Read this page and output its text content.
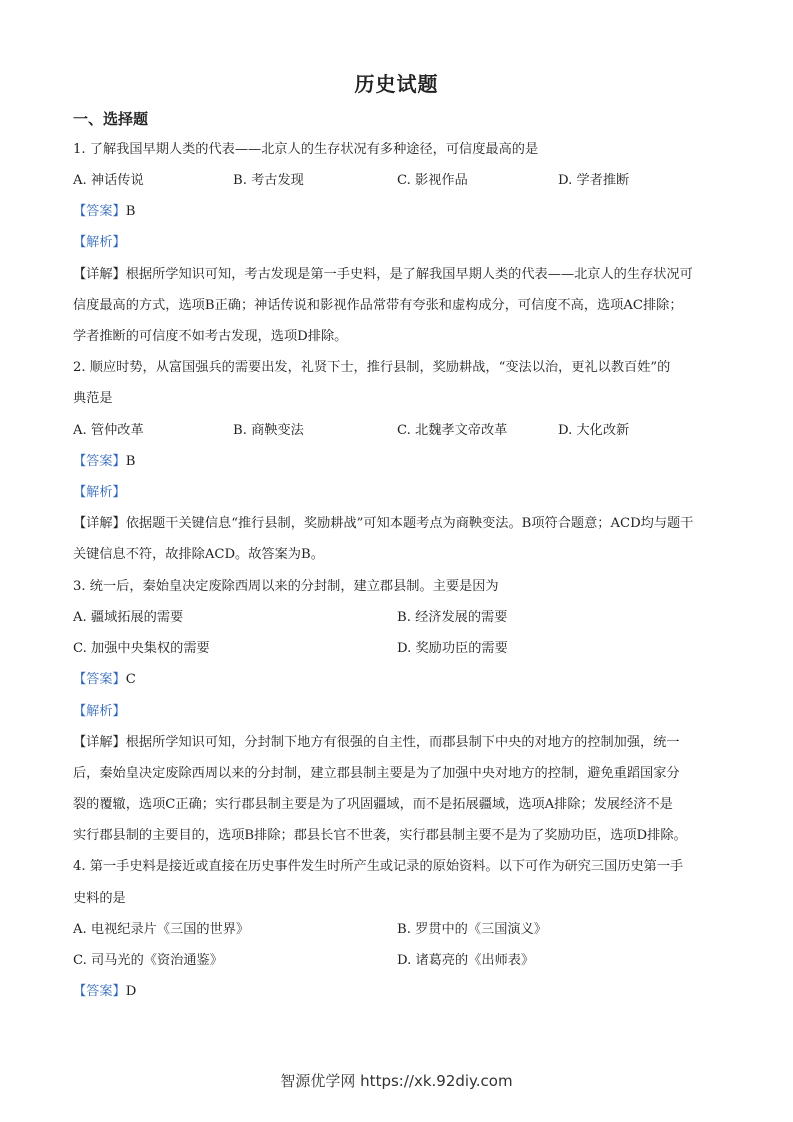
历史试题
一、选择题
1. 了解我国早期人类的代表——北京人的生存状况有多种途径，可信度最高的是
A. 神话传说	B. 考古发现	C. 影视作品	D. 学者推断
【答案】B
【解析】
【详解】根据所学知识可知，考古发现是第一手史料，是了解我国早期人类的代表——北京人的生存状况可
信度最高的方式，选项B正确；神话传说和影视作品常带有夸张和虚构成分，可信度不高，选项AC排除；
学者推断的可信度不如考古发现，选项D排除。
2. 顺应时势，从富国强兵的需要出发，礼贤下士，推行县制，奖励耕战，“变法以治，更礼以教百姓”的
典范是
A. 管仲改革	B. 商鞅变法	C. 北魏孝文帝改革	D. 大化改新
【答案】B
【解析】
【详解】依据题干关键信息“推行县制，奖励耕战”可知本题考点为商鞅变法。B项符合题意；ACD均与题干
关键信息不符，故排除ACD。故答案为B。
3. 统一后，秦始皇决定废除西周以来的分封制，建立郡县制。主要是因为
A. 疆域拓展的需要	B. 经济发展的需要
C. 加强中央集权的需要	D. 奖励功臣的需要
【答案】C
【解析】
【详解】根据所学知识可知，分封制下地方有很强的自主性，而郡县制下中央的对地方的控制加强，统一
后，秦始皇决定废除西周以来的分封制，建立郡县制主要是为了加强中央对地方的控制，避免重蹈国家分
裂的覆辙，选项C正确；实行郡县制主要是为了巩固疆域，而不是拓展疆域，选项A排除；发展经济不是
实行郡县制的主要目的，选项B排除；郡县长官不世袭，实行郡县制主要不是为了奖励功臣，选项D排除。
4. 第一手史料是接近或直接在历史事件发生时所产生或记录的原始资料。以下可作为研究三国历史第一手
史料的是
A. 电视纪录片《三国的世界》	B. 罗贯中的《三国演义》
C. 司马光的《资治通鉴》	D. 诸葛亮的《出师表》
【答案】D
智源优学网 https://xk.92diy.com
